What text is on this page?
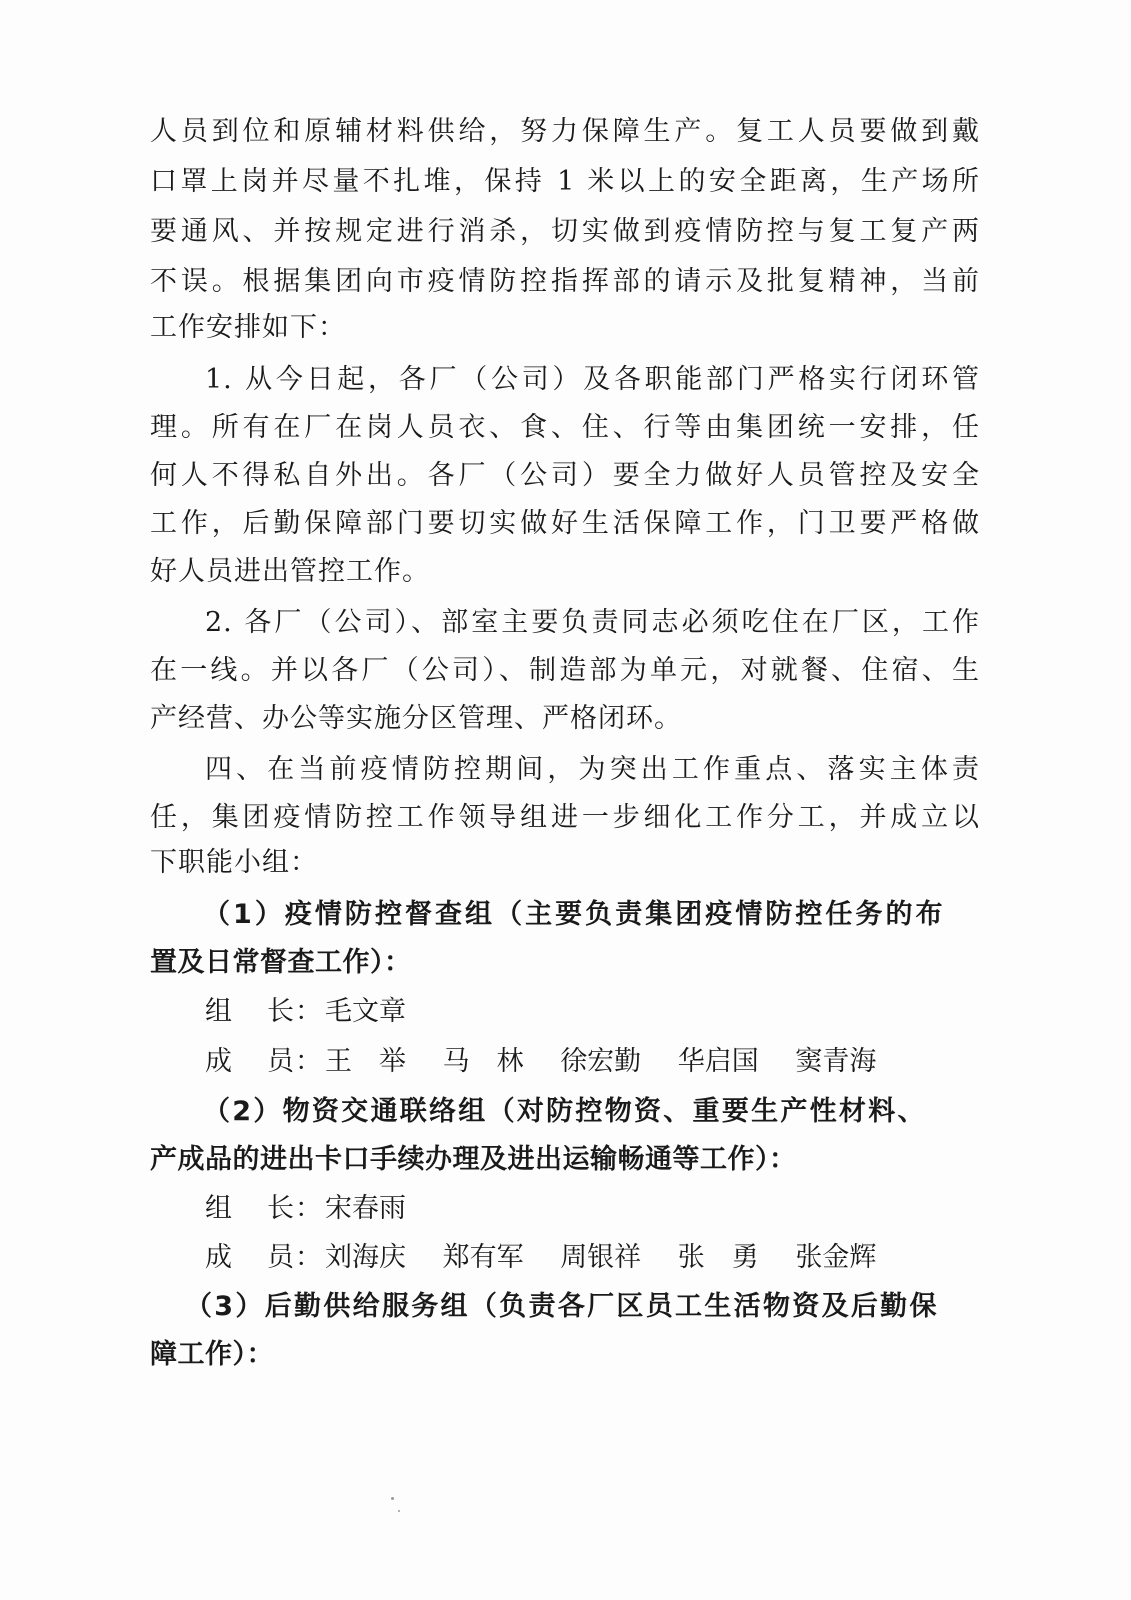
人员到位和原辅材料供给，努力保障生产。复工人员要做到戴
口罩上岗并尽量不扎堆，保持 1 米以上的安全距离，生产场所
要通风、并按规定进行消杀，切实做到疫情防控与复工复产两
不误。根据集团向市疫情防控指挥部的请示及批复精神，当前
工作安排如下：
1. 从今日起，各厂（公司）及各职能部门严格实行闭环管
理。所有在厂在岗人员衣、食、住、行等由集团统一安排，任
何人不得私自外出。各厂（公司）要全力做好人员管控及安全
工作，后勤保障部门要切实做好生活保障工作，门卫要严格做
好人员进出管控工作。
2. 各厂（公司）、部室主要负责同志必须吃住在厂区，工作
在一线。并以各厂（公司）、制造部为单元，对就餐、住宿、生
产经营、办公等实施分区管理、严格闭环。
四、在当前疫情防控期间，为突出工作重点、落实主体责
任，集团疫情防控工作领导组进一步细化工作分工，并成立以
下职能小组：
（1）疫情防控督查组（主要负责集团疫情防控任务的布
置及日常督查工作）：
组 长： 毛文章
成 员： 王　举 马　林 徐宏勤 华启国 窦青海
（2）物资交通联络组（对防控物资、重要生产性材料、
产成品的进出卡口手续办理及进出运输畅通等工作）：
组 长： 宋春雨
成 员： 刘海庆 郑有军 周银祥 张　勇 张金辉
（3）后勤供给服务组（负责各厂区员工生活物资及后勤保
障工作）：
